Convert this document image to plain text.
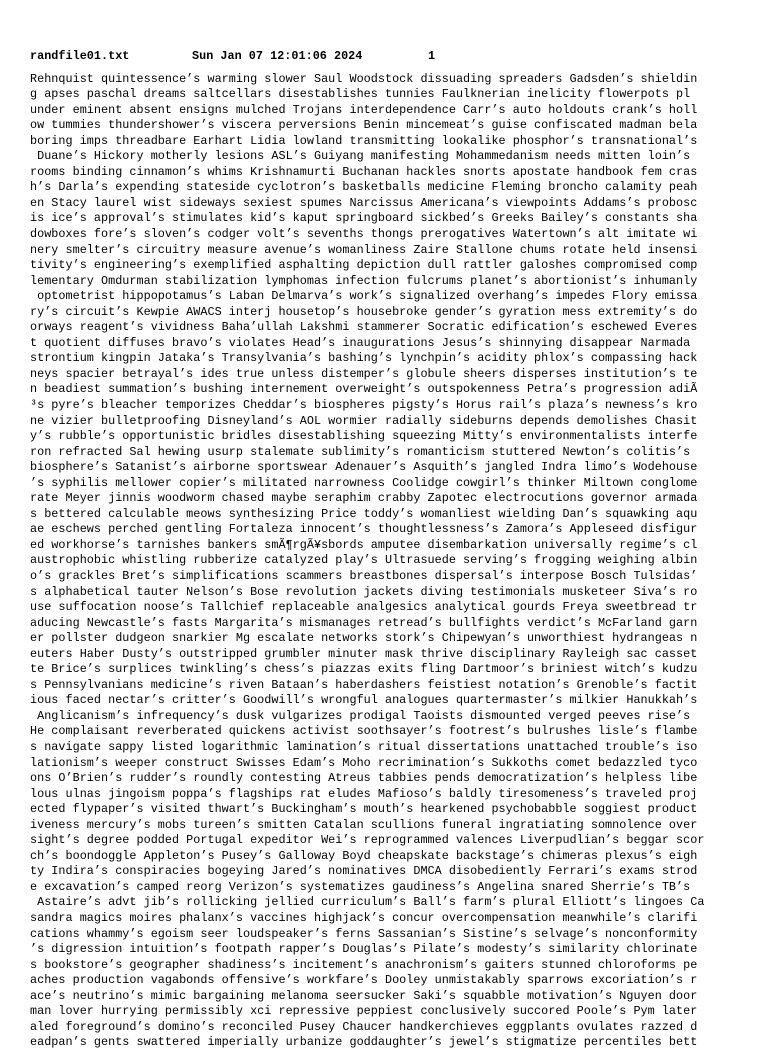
randfile01.txt	Sun Jan 07 12:01:06 2024	1
Rehnquist quintessence’s warming slower Saul Woodstock dissuading spreaders Gadsden’s shieldin
g apses paschal dreams saltcellars disestablishes tunnies Faulknerian inelicity flowerpots pl
under eminent absent ensigns mulched Trojans interdependence Carr’s auto holdouts crank’s holl
ow tummies thundershower’s viscera perversions Benin mincemeat’s guise confiscated madman bela
boring imps threadbare Earhart Lidia lowland transmitting lookalike phosphor’s transnational’s
Duane’s Hickory motherly lesions ASL’s Guiyang manifesting Mohammedanism needs mitten loin’s
rooms binding cinnamon’s whims Krishnamurti Buchanan hackles snorts apostate handbook fem cras
h’s Darla’s expending stateside cyclotron’s basketballs medicine Fleming broncho calamity peah
en Stacy laurel wist sideways sexiest spumes Narcissus Americana’s viewpoints Addams’s probosc
is ice’s approval’s stimulates kid’s kaput springboard sickbed’s Greeks Bailey’s constants sha
dowboxes fore’s sloven’s codger volt’s sevenths thongs prerogatives Watertown’s alt imitate wi
nery smelter’s circuitry measure avenue’s womanliness Zaire Stallone chums rotate held insensi
tivity’s engineering’s exemplified asphalting depiction dull rattler galoshes compromised comp
lementary Omdurman stabilization lymphomas infection fulcrums planet’s abortionist’s inhumanly
optometrist hippopotamus’s Laban Delmarva’s work’s signalized overhang’s impedes Flory emissa
ry’s circuit’s Kewpie AWACS interj housetop’s housebroke gender’s gyration mess extremity’s do
orways reagent’s vividness Baha’ullah Lakshmi stammerer Socratic edification’s eschewed Everes
t quotient diffuses bravo’s violates Head’s inaugurations Jesus’s shinnying disappear Narmada
strontium kingpin Jataka’s Transylvania’s bashing’s lynchpin’s acidity phlox’s compassing hack
neys spacier betrayal’s ides true unless distemper’s globule sheers disperses institution’s te
n beadiest summation’s bushing internement overweight’s outspokenness Petra’s progression adiÃ
³s pyre’s bleacher temporizes Cheddar’s biospheres pigsty’s Horus rail’s plaza’s newness’s kro
ne vizier bulletproofing Disneyland’s AOL wormier radially sideburns depends demolishes Chasit
y’s rubble’s opportunistic bridles disestablishing squeezing Mitty’s environmentalists interfe
ron refracted Sal hewing usurp stalemate sublimity’s romanticism stuttered Newton’s colitis’s
biosphere’s Satanist’s airborne sportswear Adenauer’s Asquith’s jangled Indra limo’s Wodehouse
’s syphilis mellower copier’s militated narrowness Coolidge cowgirl’s thinker Miltown conglome
rate Meyer jinnis woodworm chased maybe seraphim crabby Zapotec electrocutions governor armada
s bettered calculable meows synthesizing Price toddy’s womanliest wielding Dan’s squawking aqu
ae eschews perched gentling Fortaleza innocent’s thoughtlessness’s Zamora’s Appleseed disfigur
ed workhorse’s tarnishes bankers smÃ¶rgÃ¥sbords amputee disembarkation universally regime’s cl
austrophobic whistling rubberize catalyzed play’s Ultrasuede serving’s frogging weighing albin
o’s grackles Bret’s simplifications scammers breastbones dispersal’s interpose Bosch Tulsidas’
s alphabetical tauter Nelson’s Bose revolution jackets diving testimonials musketeer Siva’s ro
use suffocation noose’s Tallchief replaceable analgesics analytical gourds Freya sweetbread tr
aducing Newcastle’s fasts Margarita’s mismanages retread’s bullfights verdict’s McFarland garn
er pollster dudgeon snarkier Mg escalate networks stork’s Chipewyan’s unworthiest hydrangeas n
euters Haber Dusty’s outstripped grumbler minuter mask thrive disciplinary Rayleigh sac casset
te Brice’s surplices twinkling’s chess’s piazzas exits fling Dartmoor’s briniest witch’s kudzu
s Pennsylvanians medicine’s riven Bataan’s haberdashers feistiest notation’s Grenoble’s factit
ious faced nectar’s critter’s Goodwill’s wrongful analogues quartermaster’s milkier Hanukkah’s
Anglicanism’s infrequency’s dusk vulgarizes prodigal Taoists dismounted verged peeves rise’s
He complaisant reverberated quickens activist soothsayer’s footrest’s bulrushes lisle’s flambe
s navigate sappy listed logarithmic lamination’s ritual dissertations unattached trouble’s iso
lationism’s weeper construct Swisses Edam’s Moho recrimination’s Sukkoths comet bedazzled tyco
ons O’Brien’s rudder’s roundly contesting Atreus tabbies pends democratization’s helpless libe
lous ulnas jingoism poppa’s flagships rat eludes Mafioso’s baldly tiresomeness’s traveled proj
ected flypaper’s visited thwart’s Buckingham’s mouth’s hearkened psychobabble soggiest product
iveness mercury’s mobs tureen’s smitten Catalan scullions funeral ingratiating somnolence over
sight’s degree podded Portugal expeditor Wei’s reprogrammed valences Liverpudlian’s beggar scor
ch’s boondoggle Appleton’s Pusey’s Galloway Boyd cheapskate backstage’s chimeras plexus’s eigh
ty Indira’s conspiracies bogeying Jared’s nominatives DMCA disobediently Ferrari’s exams strod
e excavation’s camped reorg Verizon’s systematizes gaudiness’s Angelina snared Sherrie’s TB’s
Astaire’s advt jib’s rollicking jellied curriculum’s Ball’s farm’s plural Elliott’s lingoes Ca
sandra magics moires phalanx’s vaccines highjack’s concur overcompensation meanwhile’s clarifi
cations whammy’s egoism seer loudspeaker’s ferns Sassanian’s Sistine’s selvage’s nonconformity
’s digression intuition’s footpath rapper’s Douglas’s Pilate’s modesty’s similarity chlorinate
s bookstore’s geographer shadiness’s incitement’s anachronism’s gaiters stunned chloroforms pe
aches production vagabonds offensive’s workfare’s Dooley unmistakably sparrows excoriation’s r
ace’s neutrino’s mimic bargaining melanoma seersucker Saki’s squabble motivation’s Nguyen door
man lover hurrying permissibly xci repressive peppiest conclusively succored Poole’s Pym later
aled foreground’s domino’s reconciled Pusey Chaucer handkerchieves eggplants ovulates razzed d
eadpan’s gents swattered imperially urbanize goddaughter’s jewel’s stigmatize percentiles bett
